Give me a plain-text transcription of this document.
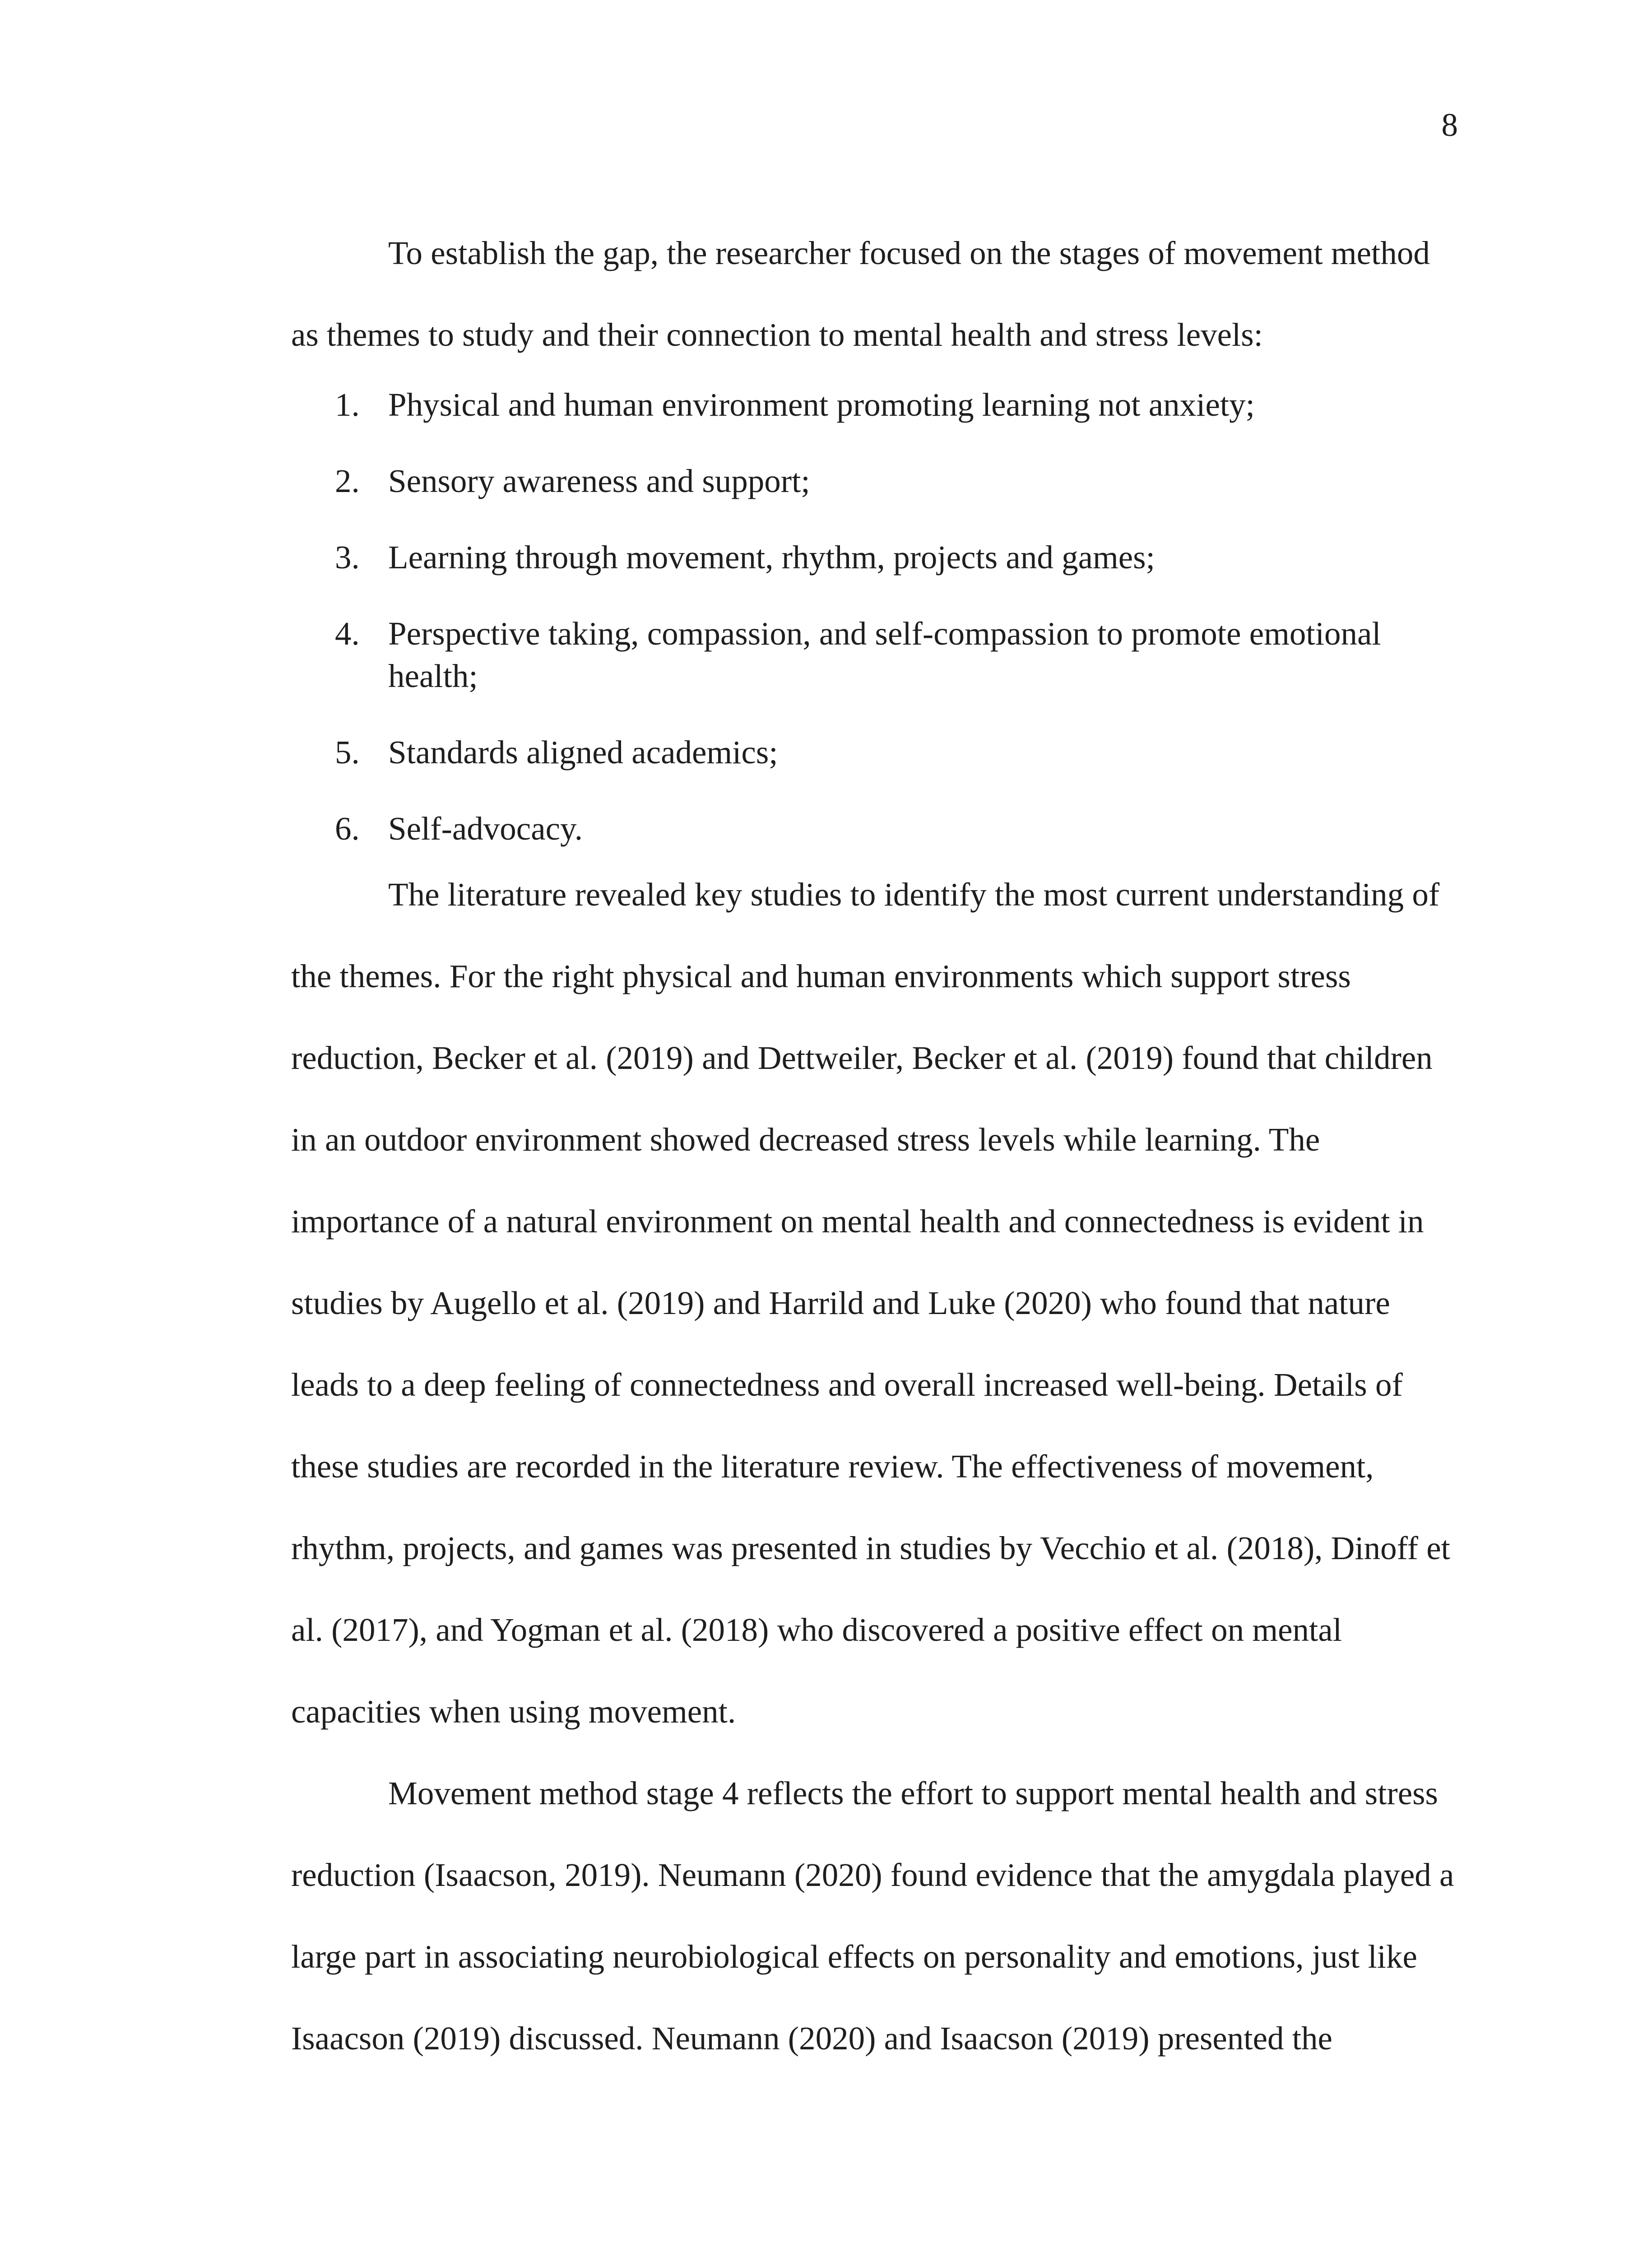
8

To establish the gap, the researcher focused on the stages of movement method as themes to study and their connection to mental health and stress levels:

1. Physical and human environment promoting learning not anxiety;
2. Sensory awareness and support;
3. Learning through movement, rhythm, projects and games;
4. Perspective taking, compassion, and self-compassion to promote emotional health;
5. Standards aligned academics;
6. Self-advocacy.

The literature revealed key studies to identify the most current understanding of the themes. For the right physical and human environments which support stress reduction, Becker et al. (2019) and Dettweiler, Becker et al. (2019) found that children in an outdoor environment showed decreased stress levels while learning. The importance of a natural environment on mental health and connectedness is evident in studies by Augello et al. (2019) and Harrild and Luke (2020) who found that nature leads to a deep feeling of connectedness and overall increased well-being. Details of these studies are recorded in the literature review. The effectiveness of movement, rhythm, projects, and games was presented in studies by Vecchio et al. (2018), Dinoff et al. (2017), and Yogman et al. (2018) who discovered a positive effect on mental capacities when using movement.

Movement method stage 4 reflects the effort to support mental health and stress reduction (Isaacson, 2019). Neumann (2020) found evidence that the amygdala played a large part in associating neurobiological effects on personality and emotions, just like Isaacson (2019) discussed. Neumann (2020) and Isaacson (2019) presented the
